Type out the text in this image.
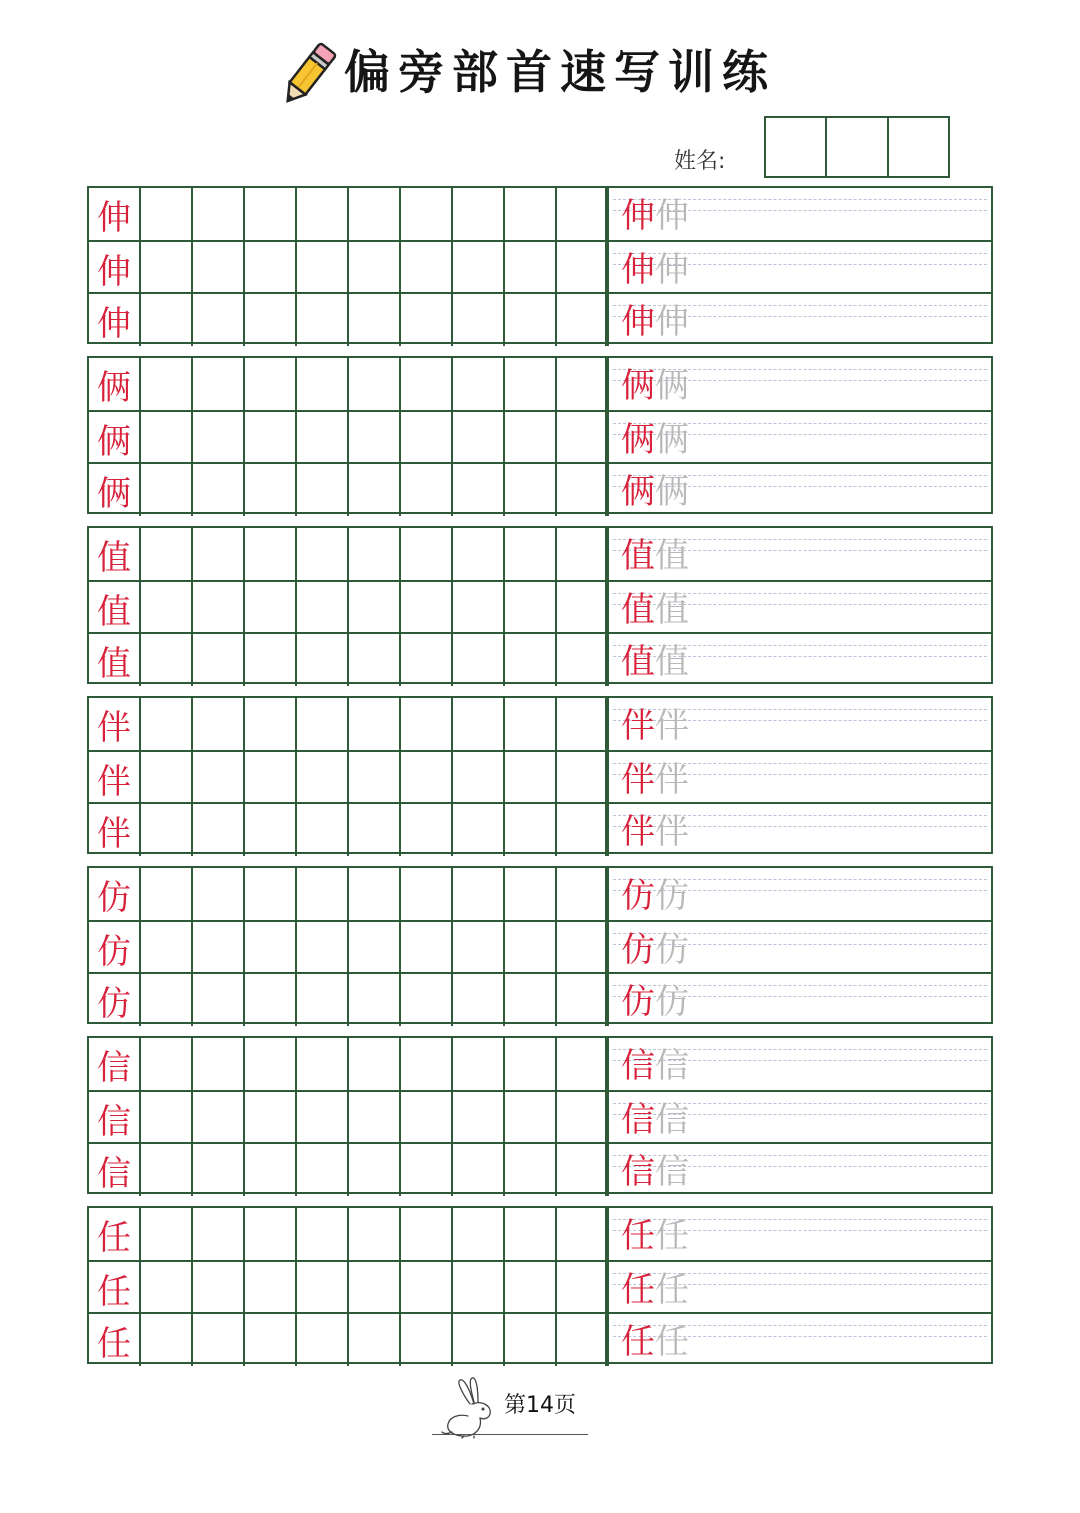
偏旁部首速写训练
姓名:
伸	伸 伸
伸	伸 伸
伸	伸 伸
俩	俩 俩
俩	俩 俩
俩	俩 俩
值	值 值
值	值 值
值	值 值
伴	伴 伴
伴	伴 伴
伴	伴 伴
仿	仿 仿
仿	仿 仿
仿	仿 仿
信	信 信
信	信 信
信	信 信
任	任 任
任	任 任
任	任 任
第14页
